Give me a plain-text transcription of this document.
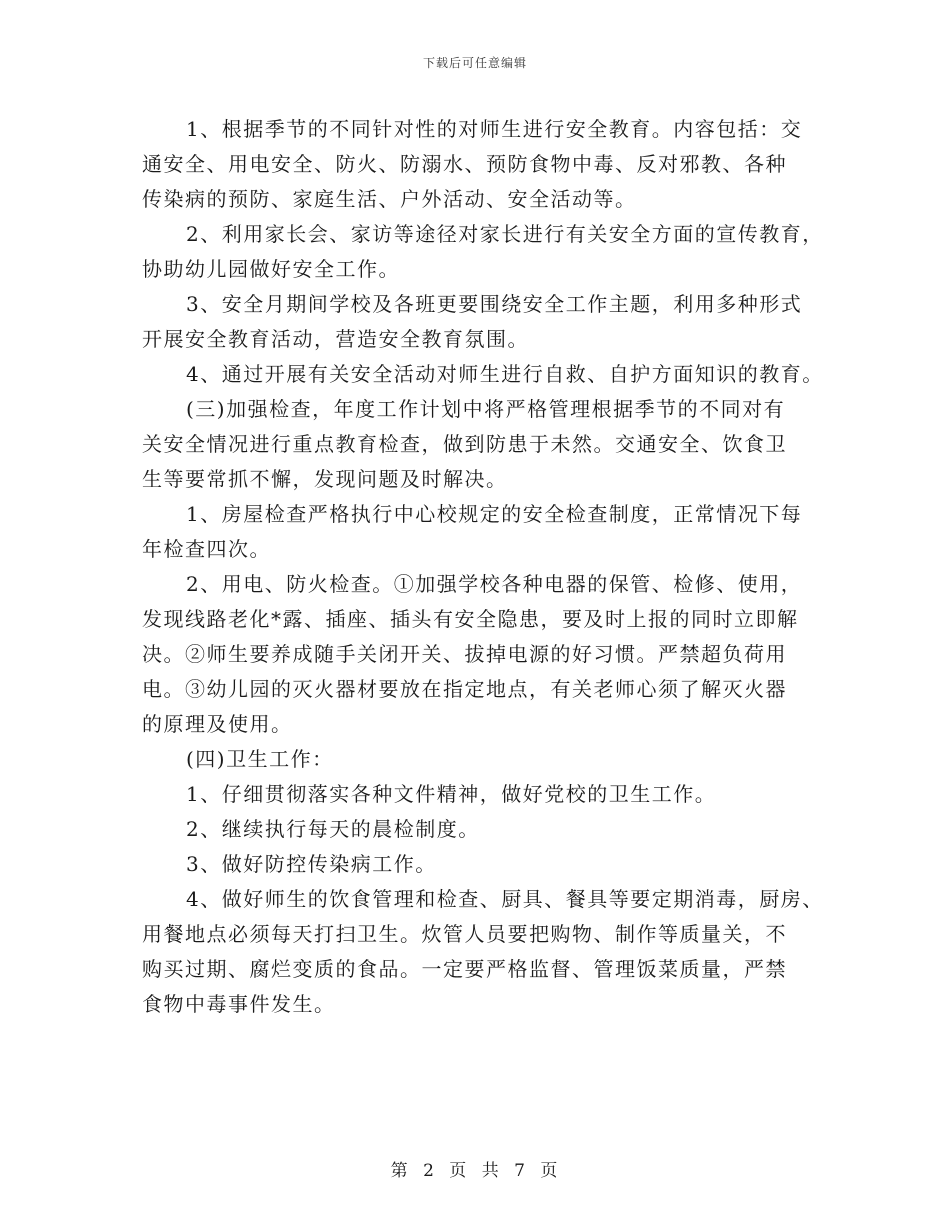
下载后可任意编辑
1、根据季节的不同针对性的对师生进行安全教育。内容包括：交
通安全、用电安全、防火、防溺水、预防食物中毒、反对邪教、各种
传染病的预防、家庭生活、户外活动、安全活动等。
2、利用家长会、家访等途径对家长进行有关安全方面的宣传教育，
协助幼儿园做好安全工作。
3、安全月期间学校及各班更要围绕安全工作主题，利用多种形式
开展安全教育活动，营造安全教育氛围。
4、通过开展有关安全活动对师生进行自救、自护方面知识的教育。
(三)加强检查，年度工作计划中将严格管理根据季节的不同对有
关安全情况进行重点教育检查，做到防患于未然。交通安全、饮食卫
生等要常抓不懈，发现问题及时解决。
1、房屋检查严格执行中心校规定的安全检查制度，正常情况下每
年检查四次。
2、用电、防火检查。①加强学校各种电器的保管、检修、使用，
发现线路老化*露、插座、插头有安全隐患，要及时上报的同时立即解
决。②师生要养成随手关闭开关、拔掉电源的好习惯。严禁超负荷用
电。③幼儿园的灭火器材要放在指定地点，有关老师心须了解灭火器
的原理及使用。
(四)卫生工作：
1、仔细贯彻落实各种文件精神，做好党校的卫生工作。
2、继续执行每天的晨检制度。
3、做好防控传染病工作。
4、做好师生的饮食管理和检查、厨具、餐具等要定期消毒，厨房、
用餐地点必须每天打扫卫生。炊管人员要把购物、制作等质量关，不
购买过期、腐烂变质的食品。一定要严格监督、管理饭菜质量，严禁
食物中毒事件发生。
第 2 页 共 7 页
